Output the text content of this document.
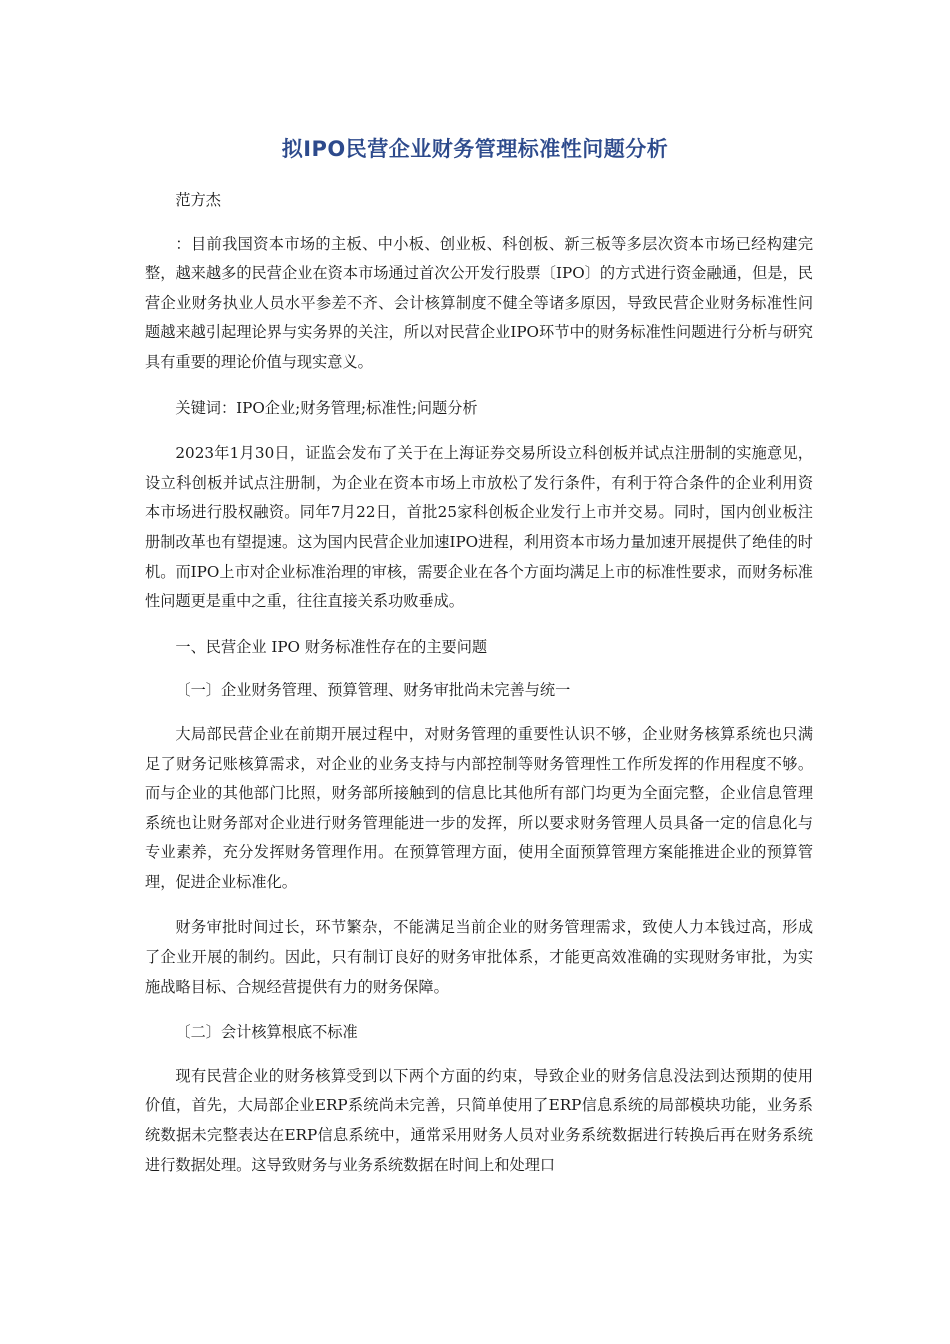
拟IPO民营企业财务管理标准性问题分析

范方杰

：目前我国资本市场的主板、中小板、创业板、科创板、新三板等多层次资本市场已经构建完整，越来越多的民营企业在资本市场通过首次公开发行股票〔IPO〕的方式进行资金融通，但是，民营企业财务执业人员水平参差不齐、会计核算制度不健全等诸多原因，导致民营企业财务标准性问题越来越引起理论界与实务界的关注，所以对民营企业IPO环节中的财务标准性问题进行分析与研究具有重要的理论价值与现实意义。

关键词：IPO企业;财务管理;标准性;问题分析

2023年1月30日，证监会发布了关于在上海证券交易所设立科创板并试点注册制的实施意见，设立科创板并试点注册制，为企业在资本市场上市放松了发行条件，有利于符合条件的企业利用资本市场进行股权融资。同年7月22日，首批25家科创板企业发行上市并交易。同时，国内创业板注册制改革也有望提速。这为国内民营企业加速IPO进程，利用资本市场力量加速开展提供了绝佳的时机。而IPO上市对企业标准治理的审核，需要企业在各个方面均满足上市的标准性要求，而财务标准性问题更是重中之重，往往直接关系功败垂成。

一、民营企业 IPO 财务标准性存在的主要问题

〔一〕企业财务管理、预算管理、财务审批尚未完善与统一

大局部民营企业在前期开展过程中，对财务管理的重要性认识不够，企业财务核算系统也只满足了财务记账核算需求，对企业的业务支持与内部控制等财务管理性工作所发挥的作用程度不够。而与企业的其他部门比照，财务部所接触到的信息比其他所有部门均更为全面完整，企业信息管理系统也让财务部对企业进行财务管理能进一步的发挥，所以要求财务管理人员具备一定的信息化与专业素养，充分发挥财务管理作用。在预算管理方面，使用全面预算管理方案能推进企业的预算管理，促进企业标准化。

财务审批时间过长，环节繁杂，不能满足当前企业的财务管理需求，致使人力本钱过高，形成了企业开展的制约。因此，只有制订良好的财务审批体系，才能更高效准确的实现财务审批，为实施战略目标、合规经营提供有力的财务保障。

〔二〕会计核算根底不标准

现有民营企业的财务核算受到以下两个方面的约束，导致企业的财务信息没法到达预期的使用价值，首先，大局部企业ERP系统尚未完善，只简单使用了ERP信息系统的局部模块功能，业务系统数据未完整表达在ERP信息系统中，通常采用财务人员对业务系统数据进行转换后再在财务系统进行数据处理。这导致财务与业务系统数据在时间上和处理口
